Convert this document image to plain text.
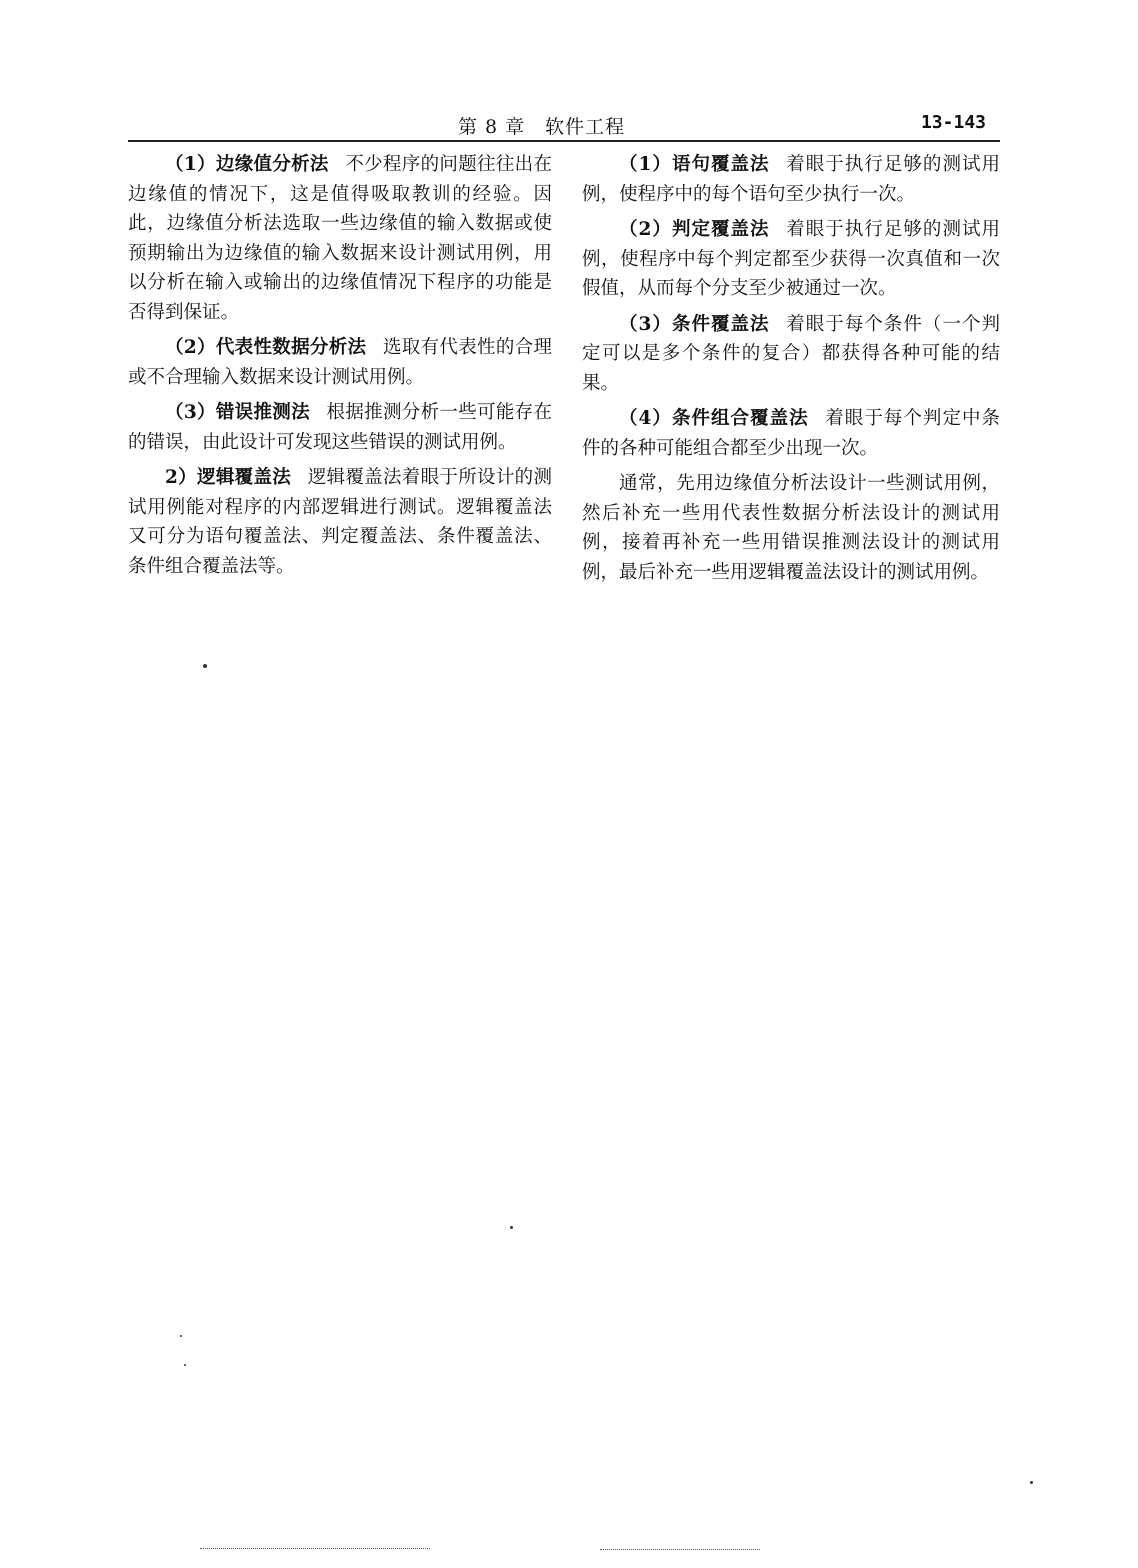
第 8 章　软件工程	13-143

（1）边缘值分析法 不少程序的问题往往出在边缘值的情况下，这是值得吸取教训的经验。因此，边缘值分析法选取一些边缘值的输入数据或使预期输出为边缘值的输入数据来设计测试用例，用以分析在输入或输出的边缘值情况下程序的功能是否得到保证。

（2）代表性数据分析法 选取有代表性的合理或不合理输入数据来设计测试用例。

（3）错误推测法 根据推测分析一些可能存在的错误，由此设计可发现这些错误的测试用例。

2）逻辑覆盖法 逻辑覆盖法着眼于所设计的测试用例能对程序的内部逻辑进行测试。逻辑覆盖法又可分为语句覆盖法、判定覆盖法、条件覆盖法、条件组合覆盖法等。

（1）语句覆盖法 着眼于执行足够的测试用例，使程序中的每个语句至少执行一次。

（2）判定覆盖法 着眼于执行足够的测试用例，使程序中每个判定都至少获得一次真值和一次假值，从而每个分支至少被通过一次。

（3）条件覆盖法 着眼于每个条件（一个判定可以是多个条件的复合）都获得各种可能的结果。

（4）条件组合覆盖法 着眼于每个判定中条件的各种可能组合都至少出现一次。

通常，先用边缘值分析法设计一些测试用例，然后补充一些用代表性数据分析法设计的测试用例，接着再补充一些用错误推测法设计的测试用例，最后补充一些用逻辑覆盖法设计的测试用例。
